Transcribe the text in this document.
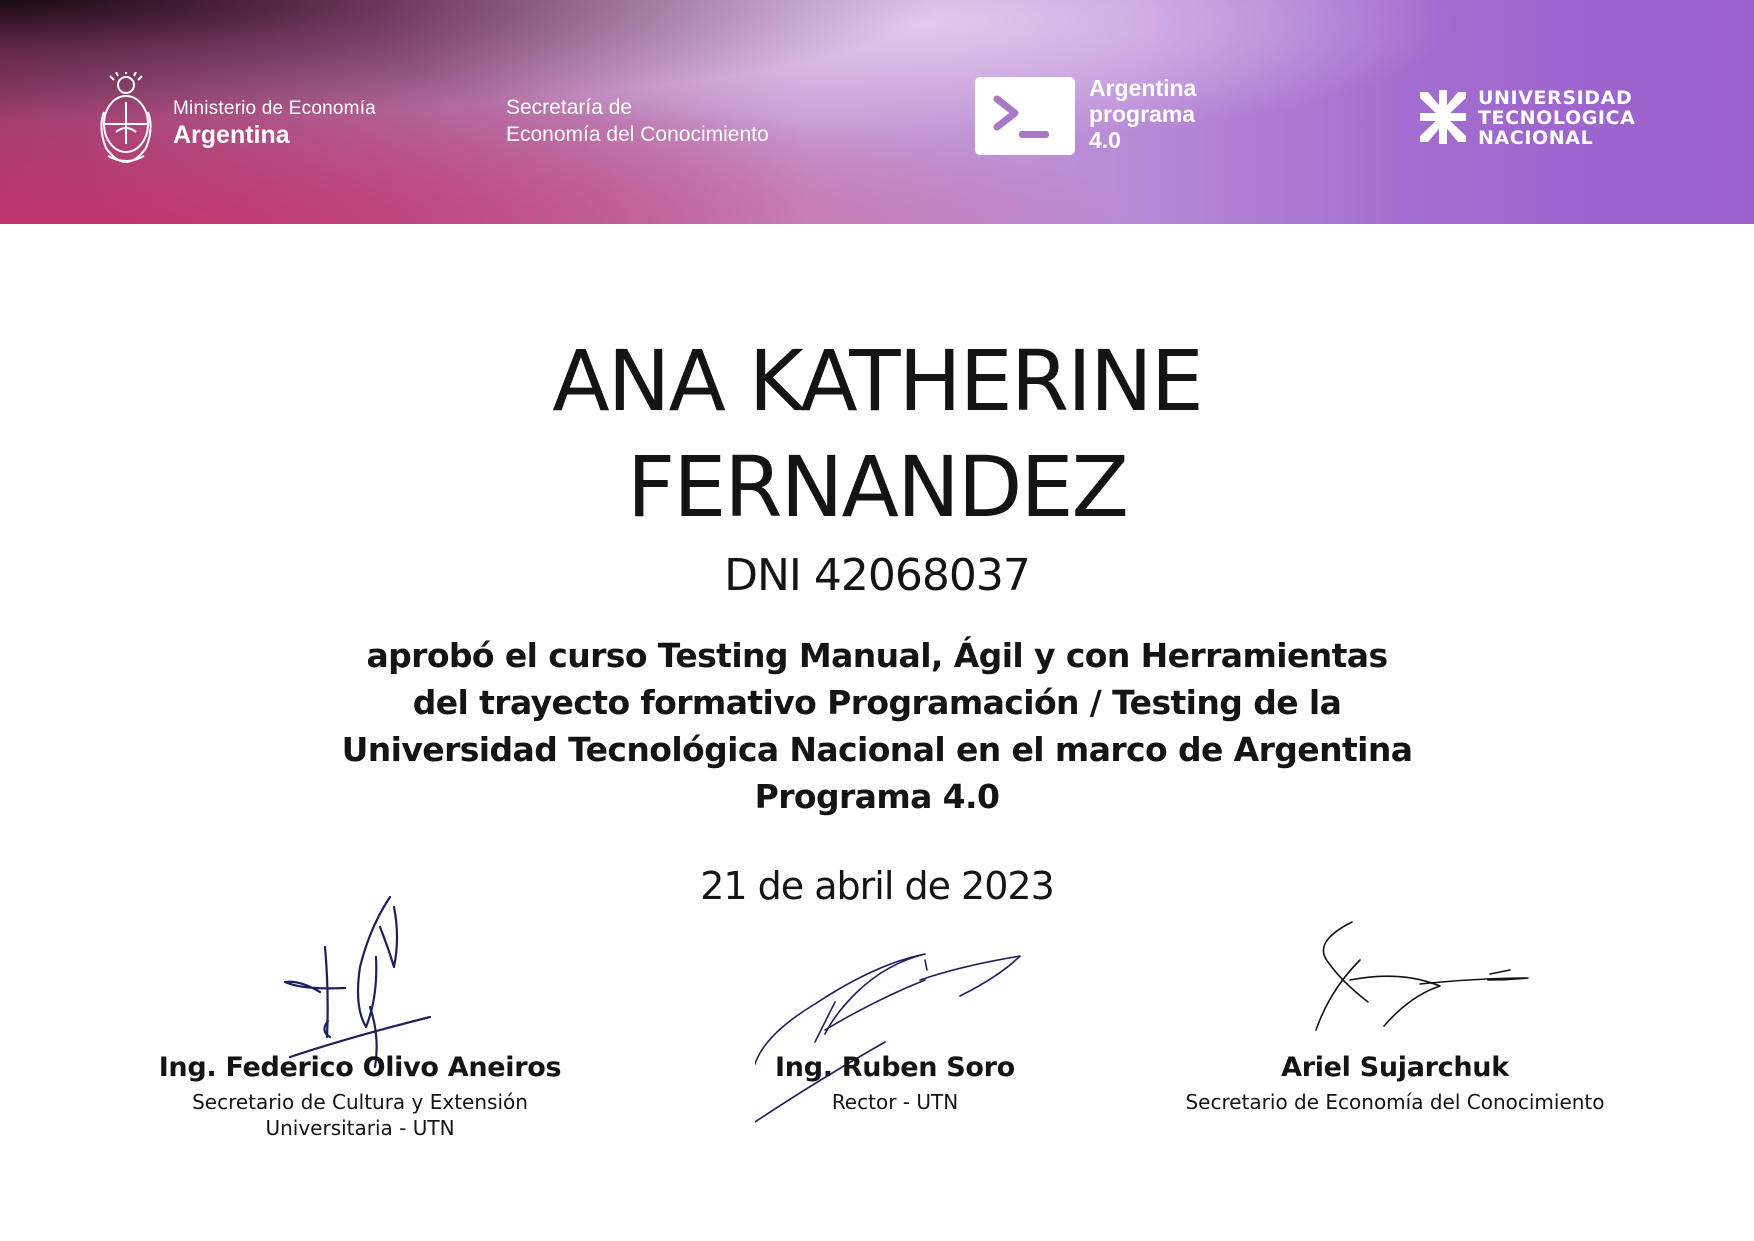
Ministerio de Economía
Argentina
Secretaría de
Economía del Conocimiento
Argentina
programa
4.0
UNIVERSIDAD
TECNOLOGICA
NACIONAL
ANA KATHERINE
FERNANDEZ
DNI 42068037
aprobó el curso Testing Manual, Ágil y con Herramientas
del trayecto formativo Programación / Testing de la
Universidad Tecnológica Nacional en el marco de Argentina
Programa 4.0
21 de abril de 2023
Ing. Federico Olivo Aneiros
Secretario de Cultura y Extensión
Universitaria - UTN
Ing. Ruben Soro
Rector - UTN
Ariel Sujarchuk
Secretario de Economía del Conocimiento
